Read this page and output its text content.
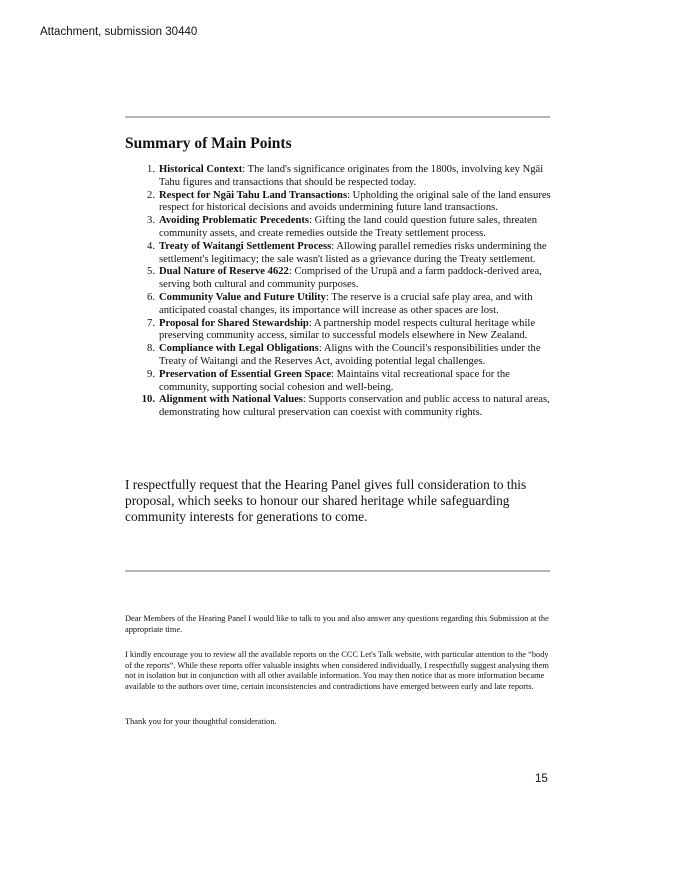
Attachment, submission 30440
Summary of Main Points
1. Historical Context: The land's significance originates from the 1800s, involving key Ngāi Tahu figures and transactions that should be respected today.
2. Respect for Ngāi Tahu Land Transactions: Upholding the original sale of the land ensures respect for historical decisions and avoids undermining future land transactions.
3. Avoiding Problematic Precedents: Gifting the land could question future sales, threaten community assets, and create remedies outside the Treaty settlement process.
4. Treaty of Waitangi Settlement Process: Allowing parallel remedies risks undermining the settlement's legitimacy; the sale wasn't listed as a grievance during the Treaty settlement.
5. Dual Nature of Reserve 4622: Comprised of the Urupā and a farm paddock-derived area, serving both cultural and community purposes.
6. Community Value and Future Utility: The reserve is a crucial safe play area, and with anticipated coastal changes, its importance will increase as other spaces are lost.
7. Proposal for Shared Stewardship: A partnership model respects cultural heritage while preserving community access, similar to successful models elsewhere in New Zealand.
8. Compliance with Legal Obligations: Aligns with the Council's responsibilities under the Treaty of Waitangi and the Reserves Act, avoiding potential legal challenges.
9. Preservation of Essential Green Space: Maintains vital recreational space for the community, supporting social cohesion and well-being.
10. Alignment with National Values: Supports conservation and public access to natural areas, demonstrating how cultural preservation can coexist with community rights.

I respectfully request that the Hearing Panel gives full consideration to this proposal, which seeks to honour our shared heritage while safeguarding community interests for generations to come.

Dear Members of the Hearing Panel I would like to talk to you and also answer any questions regarding this Submission at the appropriate time.

I kindly encourage you to review all the available reports on the CCC Let's Talk website, with particular attention to the “body of the reports”. While these reports offer valuable insights when considered individually, I respectfully suggest analysing them not in isolation but in conjunction with all other available information. You may then notice that as more information became available to the authors over time, certain inconsistencies and contradictions have emerged between early and late reports.

Thank you for your thoughtful consideration.

15
